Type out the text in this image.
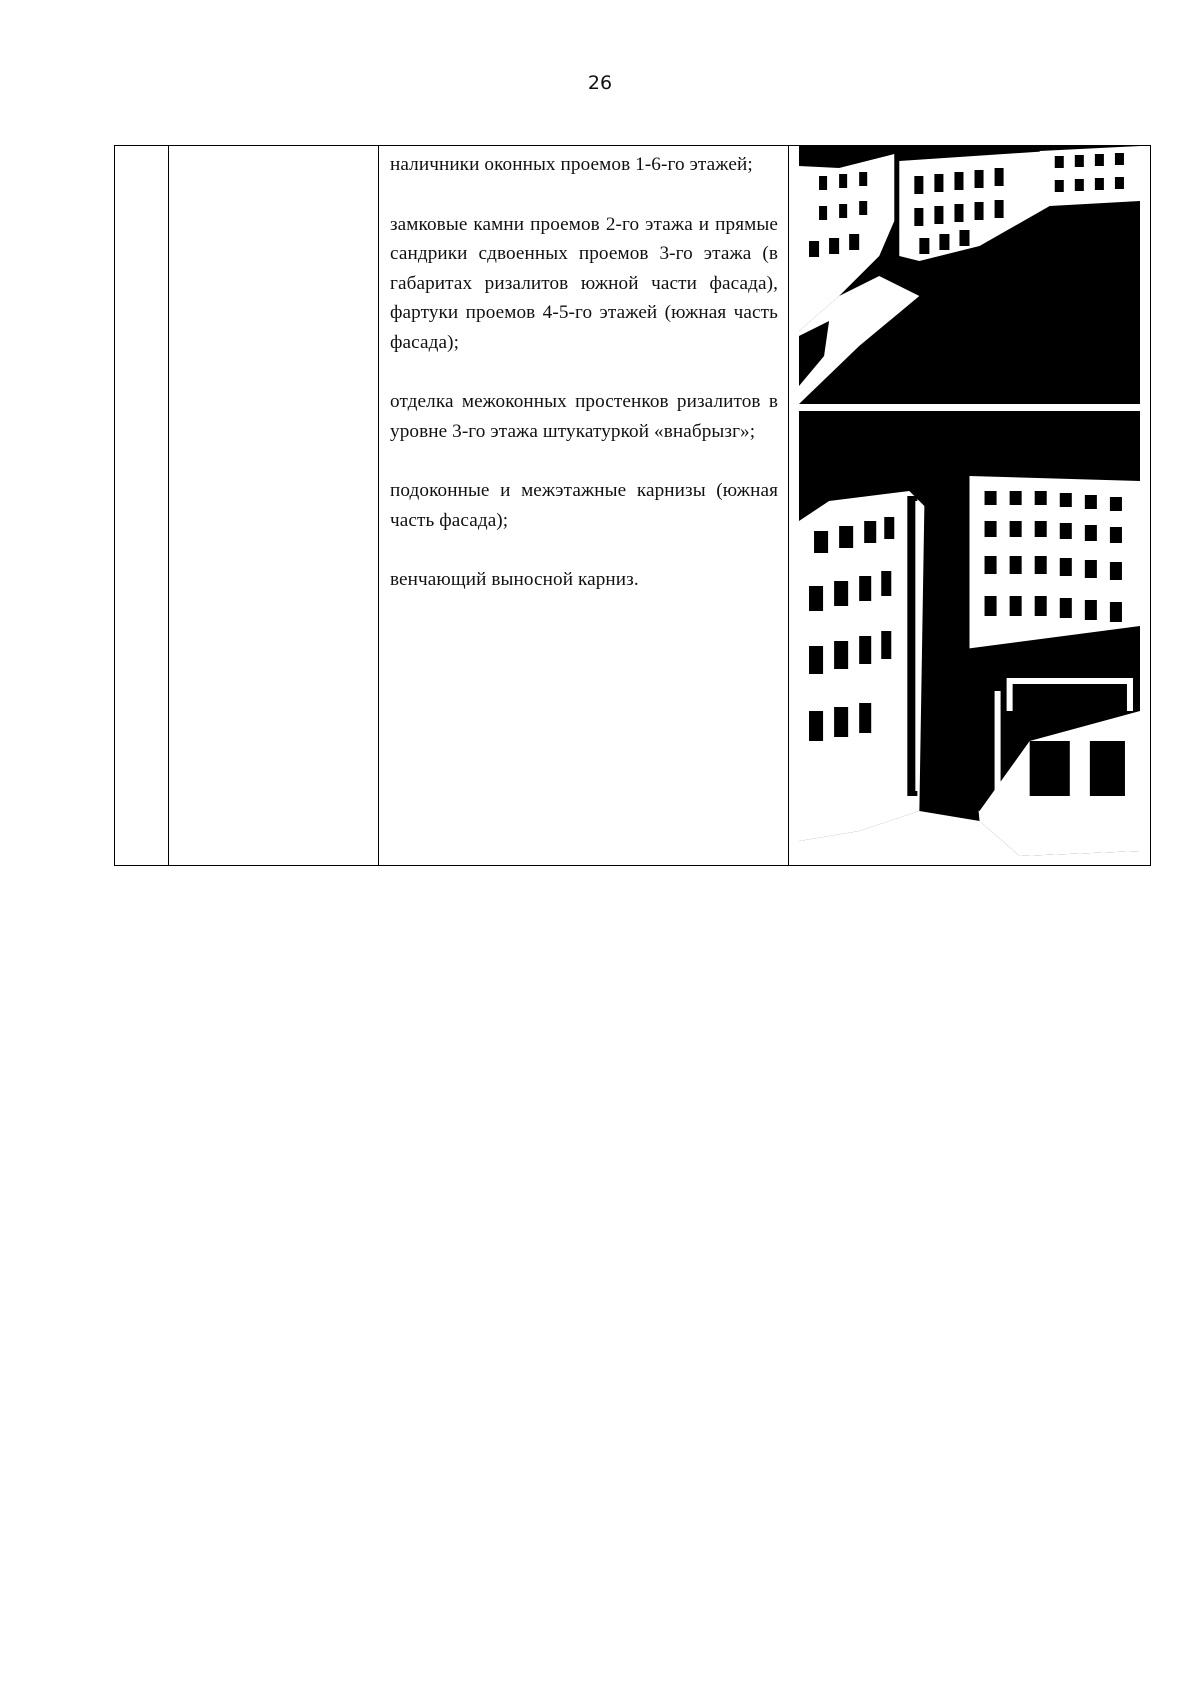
26

наличники оконных проемов 1-6-го этажей;

замковые камни проемов 2-го этажа и прямые сандрики сдвоенных проемов 3-го этажа (в габаритах ризалитов южной части фасада), фартуки проемов 4-5-го этажей (южная часть фасада);

отделка межоконных простенков ризалитов в уровне 3-го этажа штукатуркой «внабрызг»;

подоконные и межэтажные карнизы (южная часть фасада);

венчающий выносной карниз.
